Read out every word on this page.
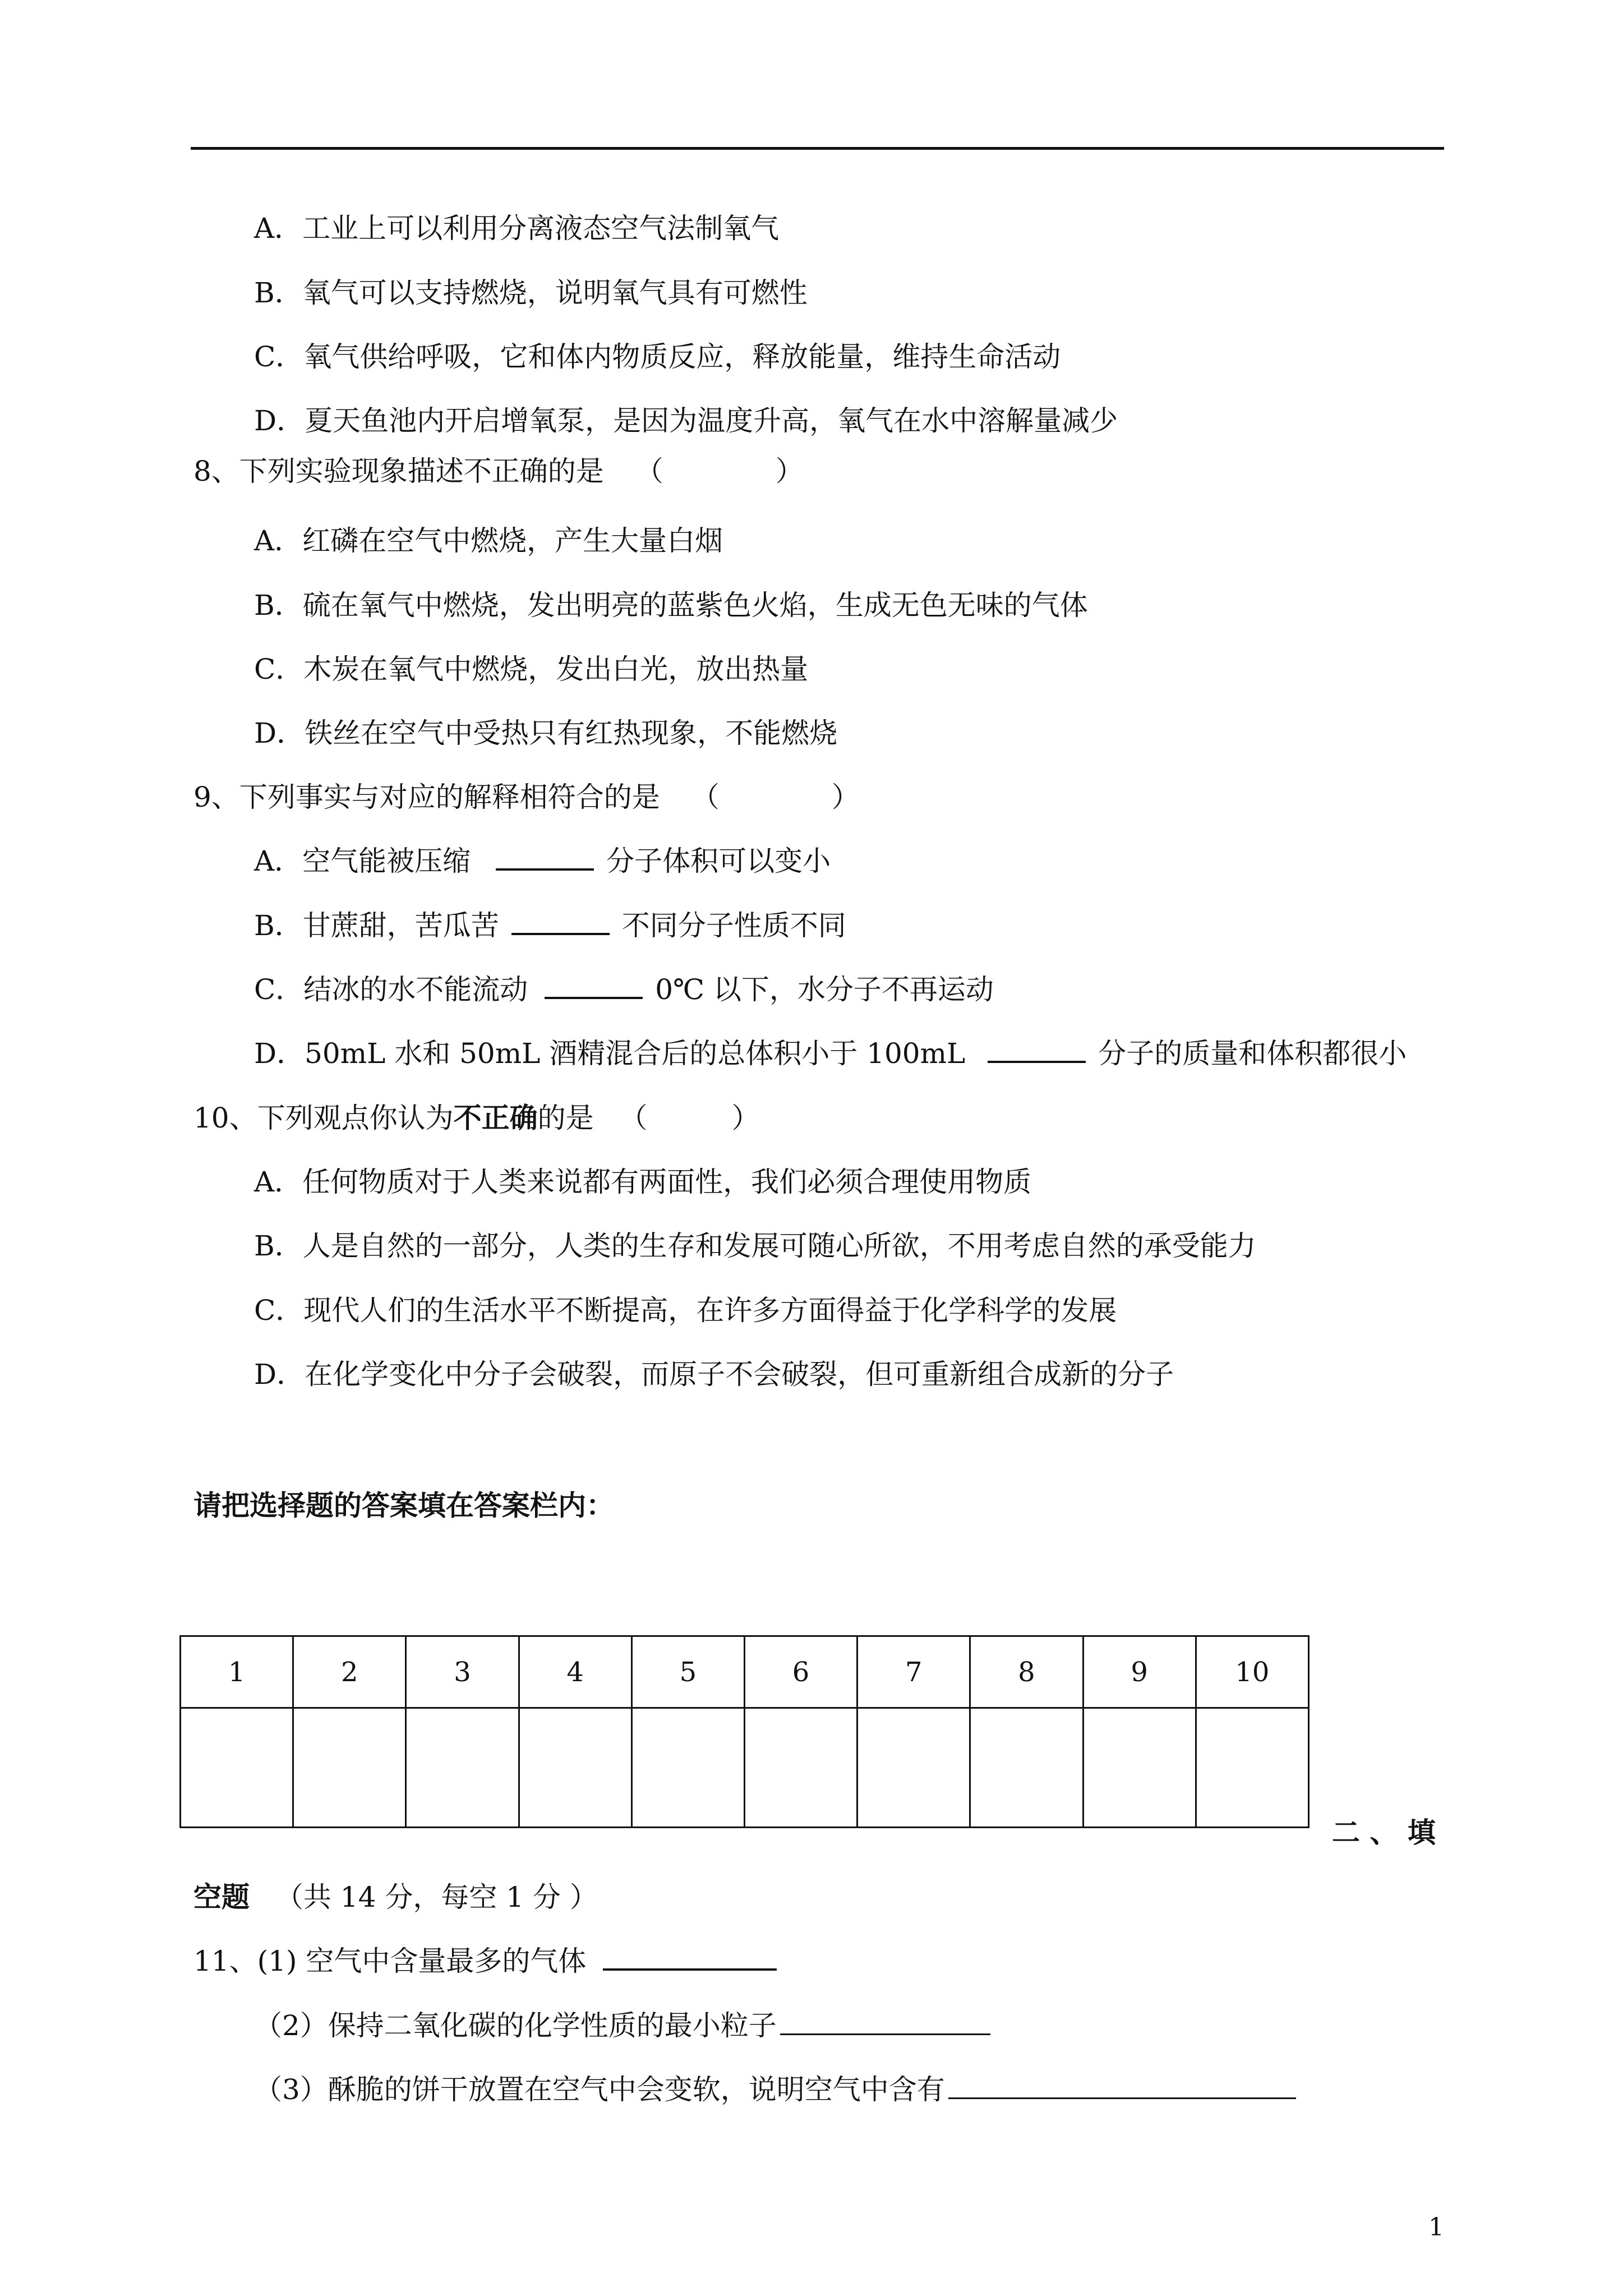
A．工业上可以利用分离液态空气法制氧气
B．氧气可以支持燃烧，说明氧气具有可燃性
C．氧气供给呼吸，它和体内物质反应，释放能量，维持生命活动
D．夏天鱼池内开启增氧泵，是因为温度升高，氧气在水中溶解量减少
8、下列实验现象描述不正确的是 （　　　　）
A．红磷在空气中燃烧，产生大量白烟
B．硫在氧气中燃烧，发出明亮的蓝紫色火焰，生成无色无味的气体
C．木炭在氧气中燃烧，发出白光，放出热量
D．铁丝在空气中受热只有红热现象，不能燃烧
9、下列事实与对应的解释相符合的是 （　　　　）
A．空气能被压缩	分子体积可以变小
B．甘蔗甜，苦瓜苦	不同分子性质不同
C．结冰的水不能流动	0℃ 以下，水分子不再运动
D．50mL 水和 50mL 酒精混合后的总体积小于 100mL	分子的质量和体积都很小
10、下列观点你认为不正确的是 （　　　）
A．任何物质对于人类来说都有两面性，我们必须合理使用物质
B．人是自然的一部分，人类的生存和发展可随心所欲，不用考虑自然的承受能力
C．现代人们的生活水平不断提高，在许多方面得益于化学科学的发展
D．在化学变化中分子会破裂，而原子不会破裂，但可重新组合成新的分子
请把选择题的答案填在答案栏内：
1	2	3	4	5	6	7	8	9	10

二 、 填
空题 （共 14 分，每空 1 分 ）
11、(1) 空气中含量最多的气体
（2）保持二氧化碳的化学性质的最小粒子
（3）酥脆的饼干放置在空气中会变软，说明空气中含有
1
